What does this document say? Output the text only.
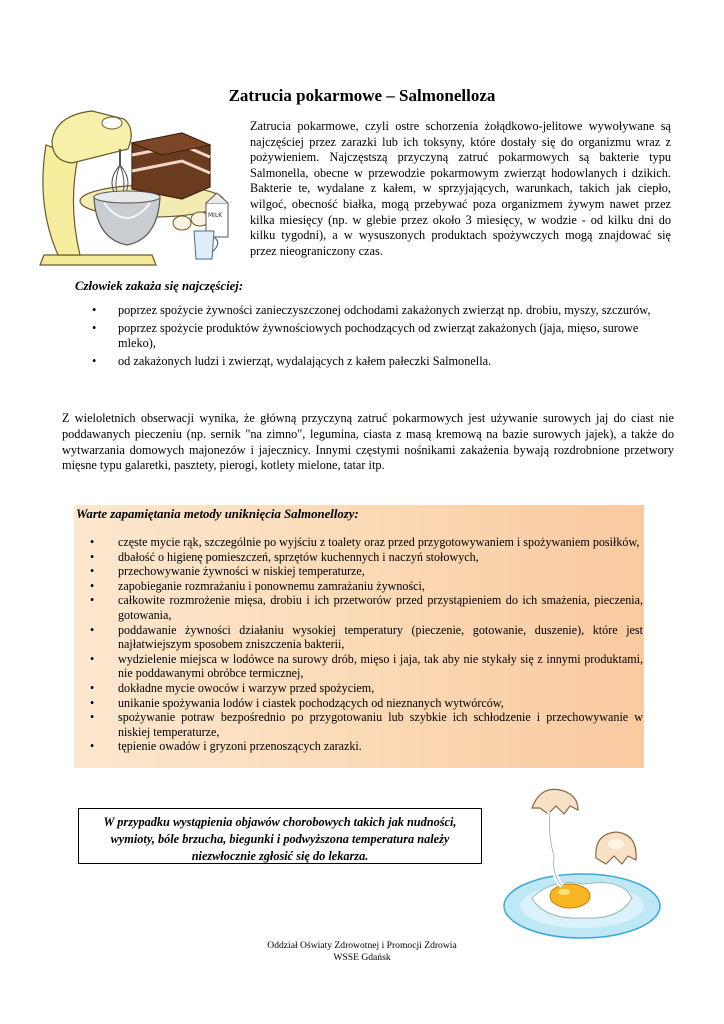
Zatrucia pokarmowe – Salmonelloza
MILK
Zatrucia pokarmowe, czyli ostre schorzenia żołądkowo-jelitowe wywoływane są najczęściej przez zarazki lub ich toksyny, które dostały się do organizmu wraz z pożywieniem. Najczęstszą przyczyną zatruć pokarmowych są bakterie typu Salmonella, obecne w przewodzie pokarmowym zwierząt hodowlanych i dzikich. Bakterie te, wydalane z kałem, w sprzyjających, warunkach, takich jak ciepło, wilgoć, obecność białka, mogą przebywać poza organizmem żywym nawet przez kilka miesięcy (np. w glebie przez około 3 miesięcy, w wodzie - od kilku dni do kilku tygodni), a w wysuszonych produktach spożywczych mogą znajdować się przez nieograniczony czas.
Człowiek zakaża się najczęściej:
• poprzez spożycie żywności zanieczyszczonej odchodami zakażonych zwierząt np. drobiu, myszy, szczurów,
• poprzez spożycie produktów żywnościowych pochodzących od zwierząt zakażonych (jaja, mięso, surowe mleko),
• od zakażonych ludzi i zwierząt, wydalających z kałem pałeczki Salmonella.
Z wieloletnich obserwacji wynika, że główną przyczyną zatruć pokarmowych jest używanie surowych jaj do ciast nie poddawanych pieczeniu (np. sernik "na zimno", legumina, ciasta z masą kremową na bazie surowych jajek), a także do wytwarzania domowych majonezów i jajecznicy. Innymi częstymi nośnikami zakażenia bywają rozdrobnione przetwory mięsne typu galaretki, pasztety, pierogi, kotlety mielone, tatar itp.
Warte zapamiętania metody uniknięcia Salmonellozy:
• częste mycie rąk, szczególnie po wyjściu z toalety oraz przed przygotowywaniem i spożywaniem posiłków,
• dbałość o higienę pomieszczeń, sprzętów kuchennych i naczyń stołowych,
• przechowywanie żywności w niskiej temperaturze,
• zapobieganie rozmrażaniu i ponownemu zamrażaniu żywności,
• całkowite rozmrożenie mięsa, drobiu i ich przetworów przed przystąpieniem do ich smażenia, pieczenia, gotowania,
• poddawanie żywności działaniu wysokiej temperatury (pieczenie, gotowanie, duszenie), które jest najłatwiejszym sposobem zniszczenia bakterii,
• wydzielenie miejsca w lodówce na surowy drób, mięso i jaja, tak aby nie stykały się z innymi produktami, nie poddawanymi obróbce termicznej,
• dokładne mycie owoców i warzyw przed spożyciem,
• unikanie spożywania lodów i ciastek pochodzących od nieznanych wytwórców,
• spożywanie potraw bezpośrednio po przygotowaniu lub szybkie ich schłodzenie i przechowywanie w niskiej temperaturze,
• tępienie owadów i gryzoni przenoszących zarazki.
W przypadku wystąpienia objawów chorobowych takich jak nudności, wymioty, bóle brzucha, biegunki i podwyższona temperatura należy niezwłocznie zgłosić się do lekarza.
Oddział Oświaty Zdrowotnej i Promocji Zdrowia
WSSE Gdańsk
